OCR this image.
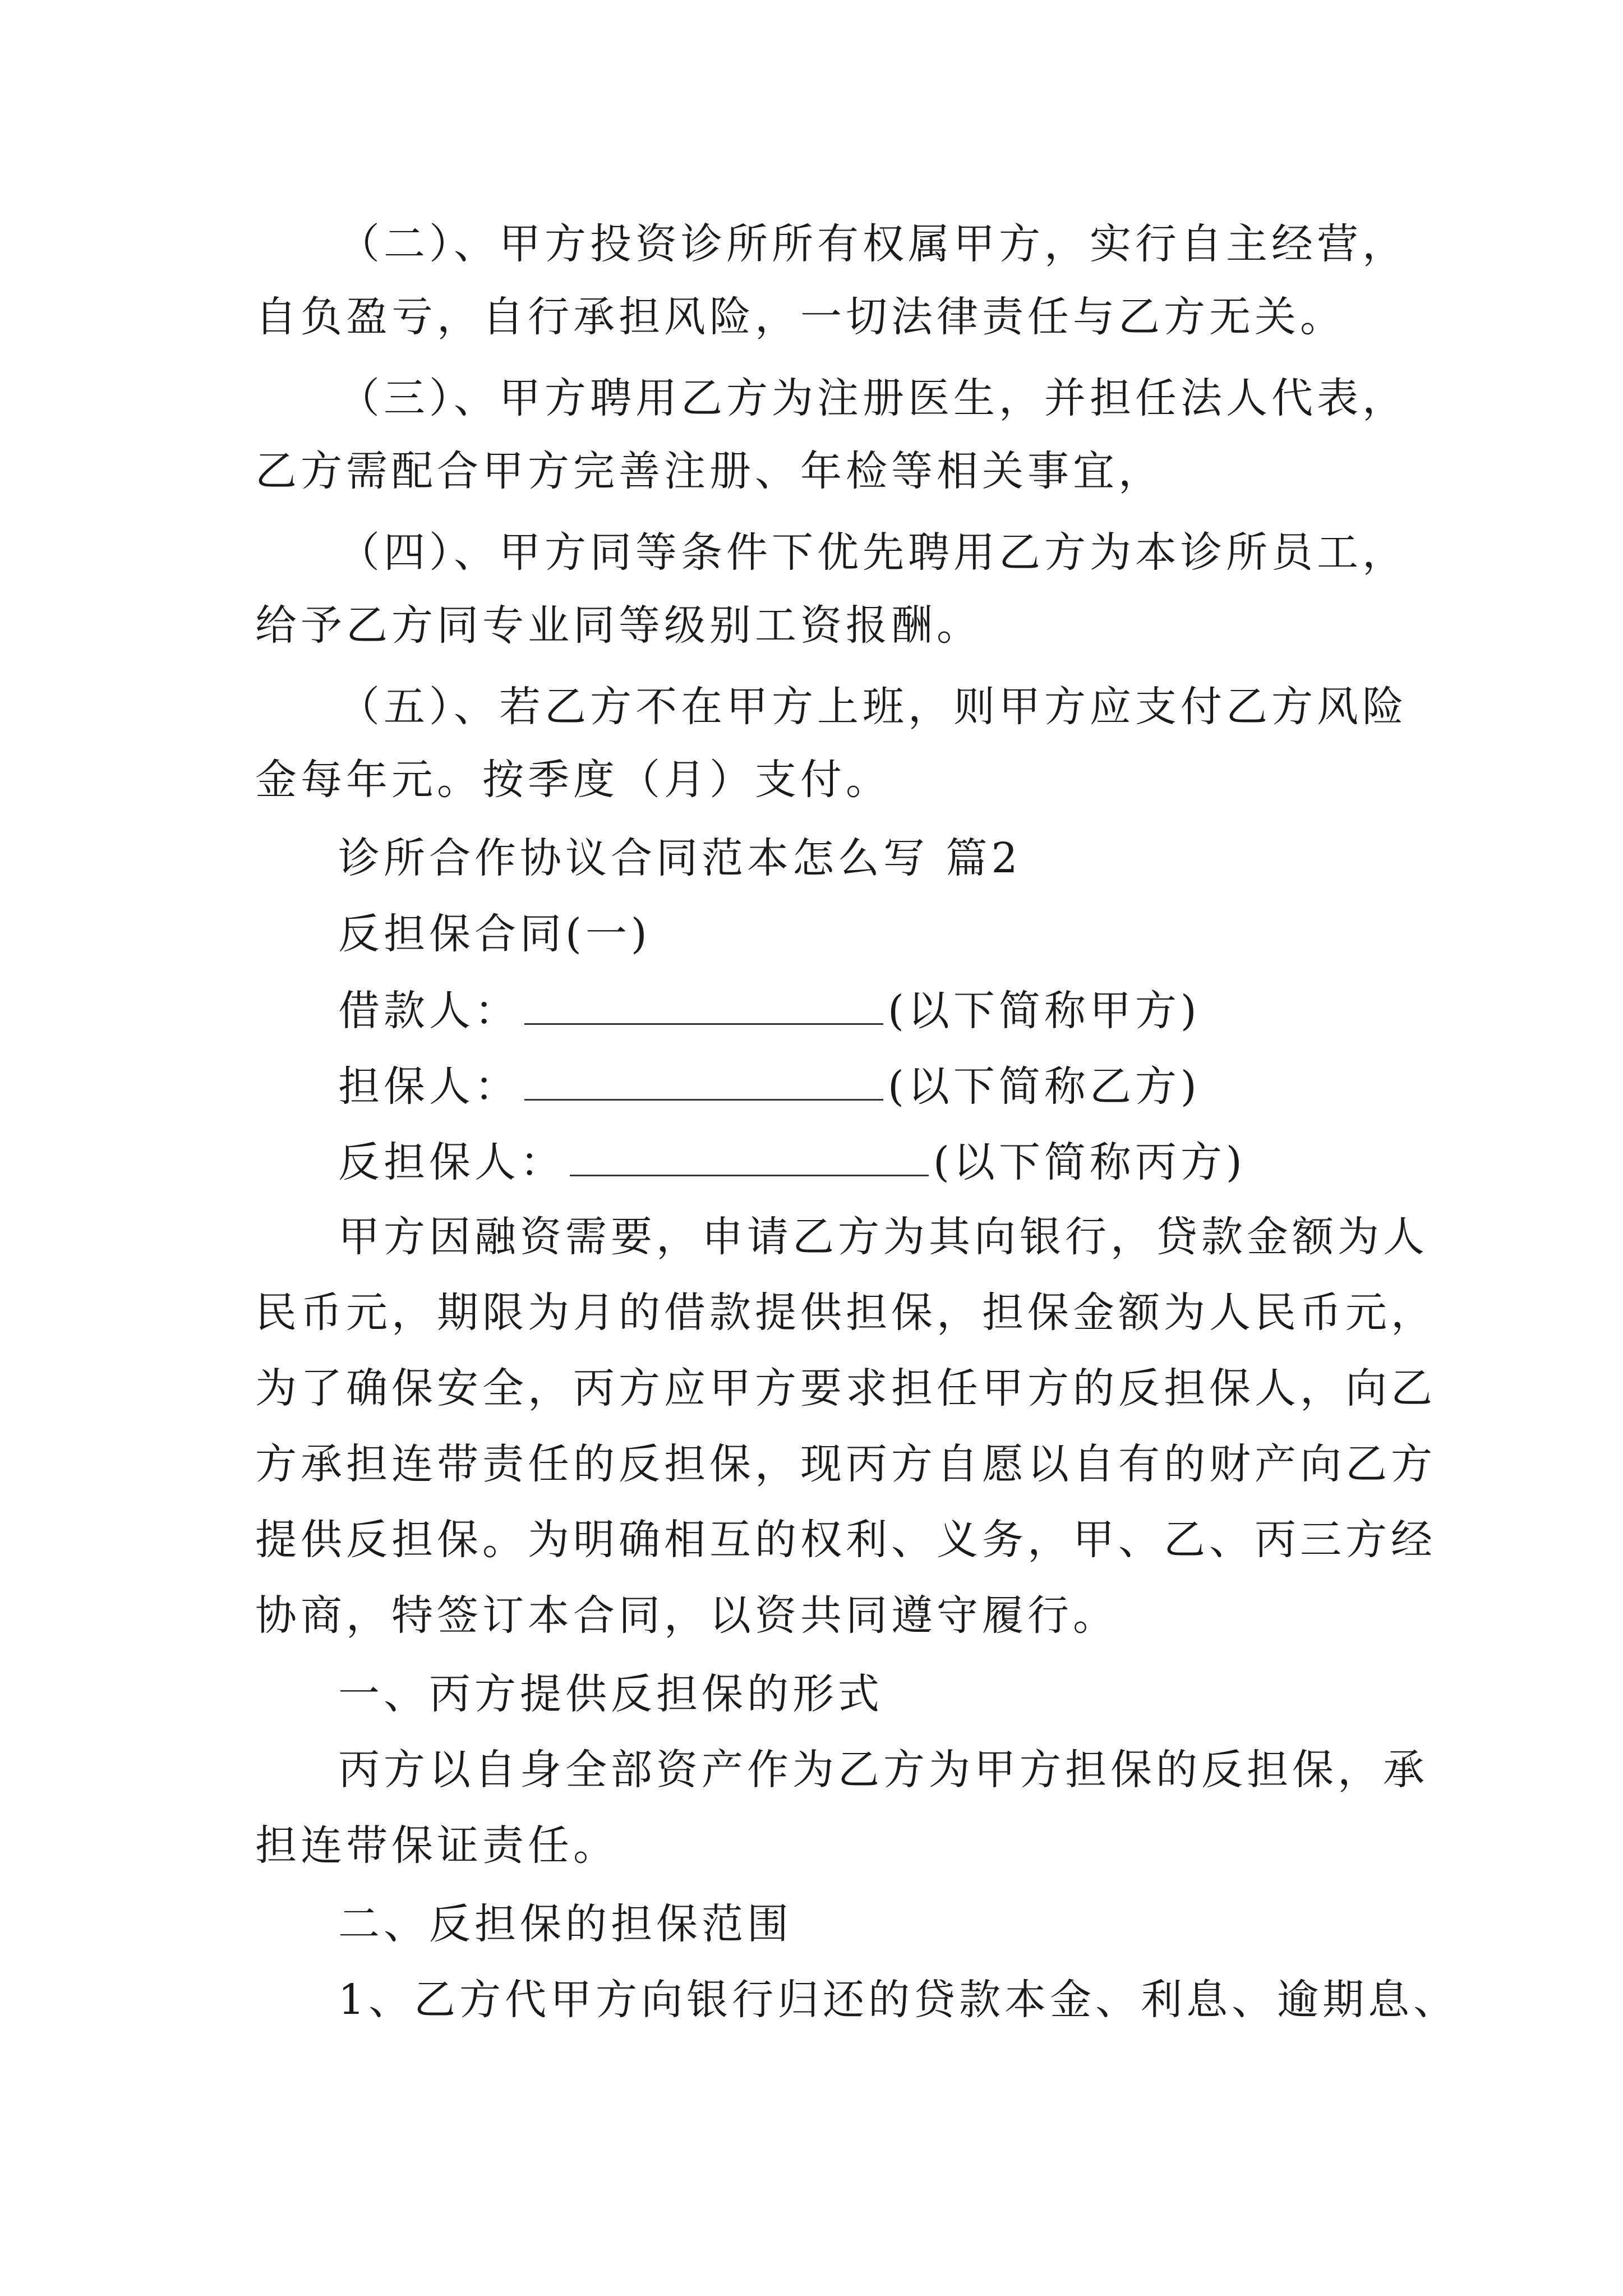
（二）、甲方投资诊所所有权属甲方，实行自主经营，
自负盈亏，自行承担风险，一切法律责任与乙方无关。
（三）、甲方聘用乙方为注册医生，并担任法人代表，
乙方需配合甲方完善注册、年检等相关事宜，
（四）、甲方同等条件下优先聘用乙方为本诊所员工，
给予乙方同专业同等级别工资报酬。
（五）、若乙方不在甲方上班，则甲方应支付乙方风险
金每年元。按季度（月）支付。
诊所合作协议合同范本怎么写 篇2
反担保合同(一)
借款人：	(以下简称甲方)
担保人：	(以下简称乙方)
反担保人：	(以下简称丙方)
甲方因融资需要，申请乙方为其向银行，贷款金额为人
民币元，期限为月的借款提供担保，担保金额为人民币元，
为了确保安全，丙方应甲方要求担任甲方的反担保人，向乙
方承担连带责任的反担保，现丙方自愿以自有的财产向乙方
提供反担保。为明确相互的权利、义务，甲、乙、丙三方经
协商，特签订本合同，以资共同遵守履行。
一、丙方提供反担保的形式
丙方以自身全部资产作为乙方为甲方担保的反担保，承
担连带保证责任。
二、反担保的担保范围
1、乙方代甲方向银行归还的贷款本金、利息、逾期息、
